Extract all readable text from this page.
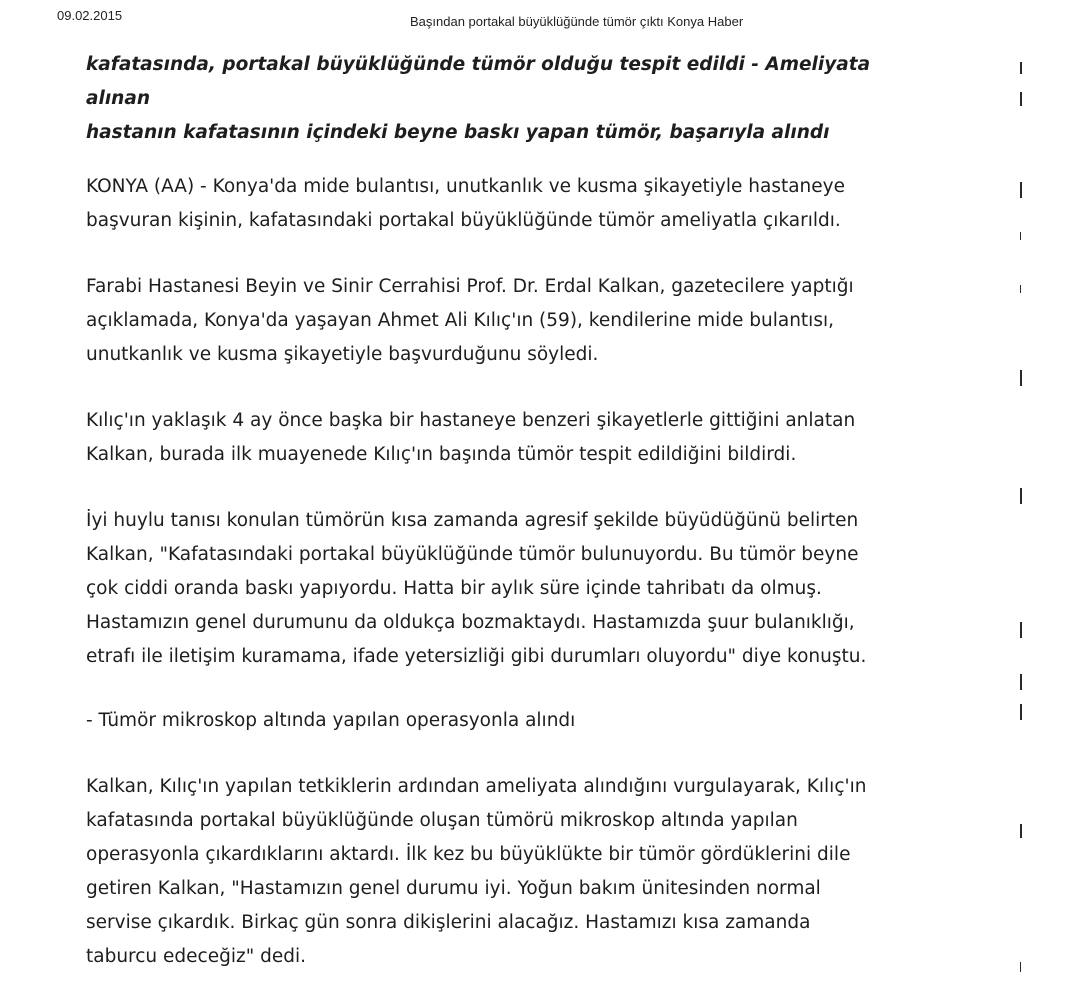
09.02.2015	Başından portakal büyüklüğünde tümör çıktı Konya Haber

kafatasında, portakal büyüklüğünde tümör olduğu tespit edildi - Ameliyata alınan
hastanın kafatasının içindeki beyne baskı yapan tümör, başarıyla alındı

KONYA (AA) - Konya'da mide bulantısı, unutkanlık ve kusma şikayetiyle hastaneye
başvuran kişinin, kafatasındaki portakal büyüklüğünde tümör ameliyatla çıkarıldı.

Farabi Hastanesi Beyin ve Sinir Cerrahisi Prof. Dr. Erdal Kalkan, gazetecilere yaptığı
açıklamada, Konya'da yaşayan Ahmet Ali Kılıç'ın (59), kendilerine mide bulantısı,
unutkanlık ve kusma şikayetiyle başvurduğunu söyledi.

Kılıç'ın yaklaşık 4 ay önce başka bir hastaneye benzeri şikayetlerle gittiğini anlatan
Kalkan, burada ilk muayenede Kılıç'ın başında tümör tespit edildiğini bildirdi.

İyi huylu tanısı konulan tümörün kısa zamanda agresif şekilde büyüdüğünü belirten
Kalkan, "Kafatasındaki portakal büyüklüğünde tümör bulunuyordu. Bu tümör beyne
çok ciddi oranda baskı yapıyordu. Hatta bir aylık süre içinde tahribatı da olmuş.
Hastamızın genel durumunu da oldukça bozmaktaydı. Hastamızda şuur bulanıklığı,
etrafı ile iletişim kuramama, ifade yetersizliği gibi durumları oluyordu" diye konuştu.

- Tümör mikroskop altında yapılan operasyonla alındı

Kalkan, Kılıç'ın yapılan tetkiklerin ardından ameliyata alındığını vurgulayarak, Kılıç'ın
kafatasında portakal büyüklüğünde oluşan tümörü mikroskop altında yapılan
operasyonla çıkardıklarını aktardı. İlk kez bu büyüklükte bir tümör gördüklerini dile
getiren Kalkan, "Hastamızın genel durumu iyi. Yoğun bakım ünitesinden normal
servise çıkardık. Birkaç gün sonra dikişlerini alacağız. Hastamızı kısa zamanda
taburcu edeceğiz" dedi.
